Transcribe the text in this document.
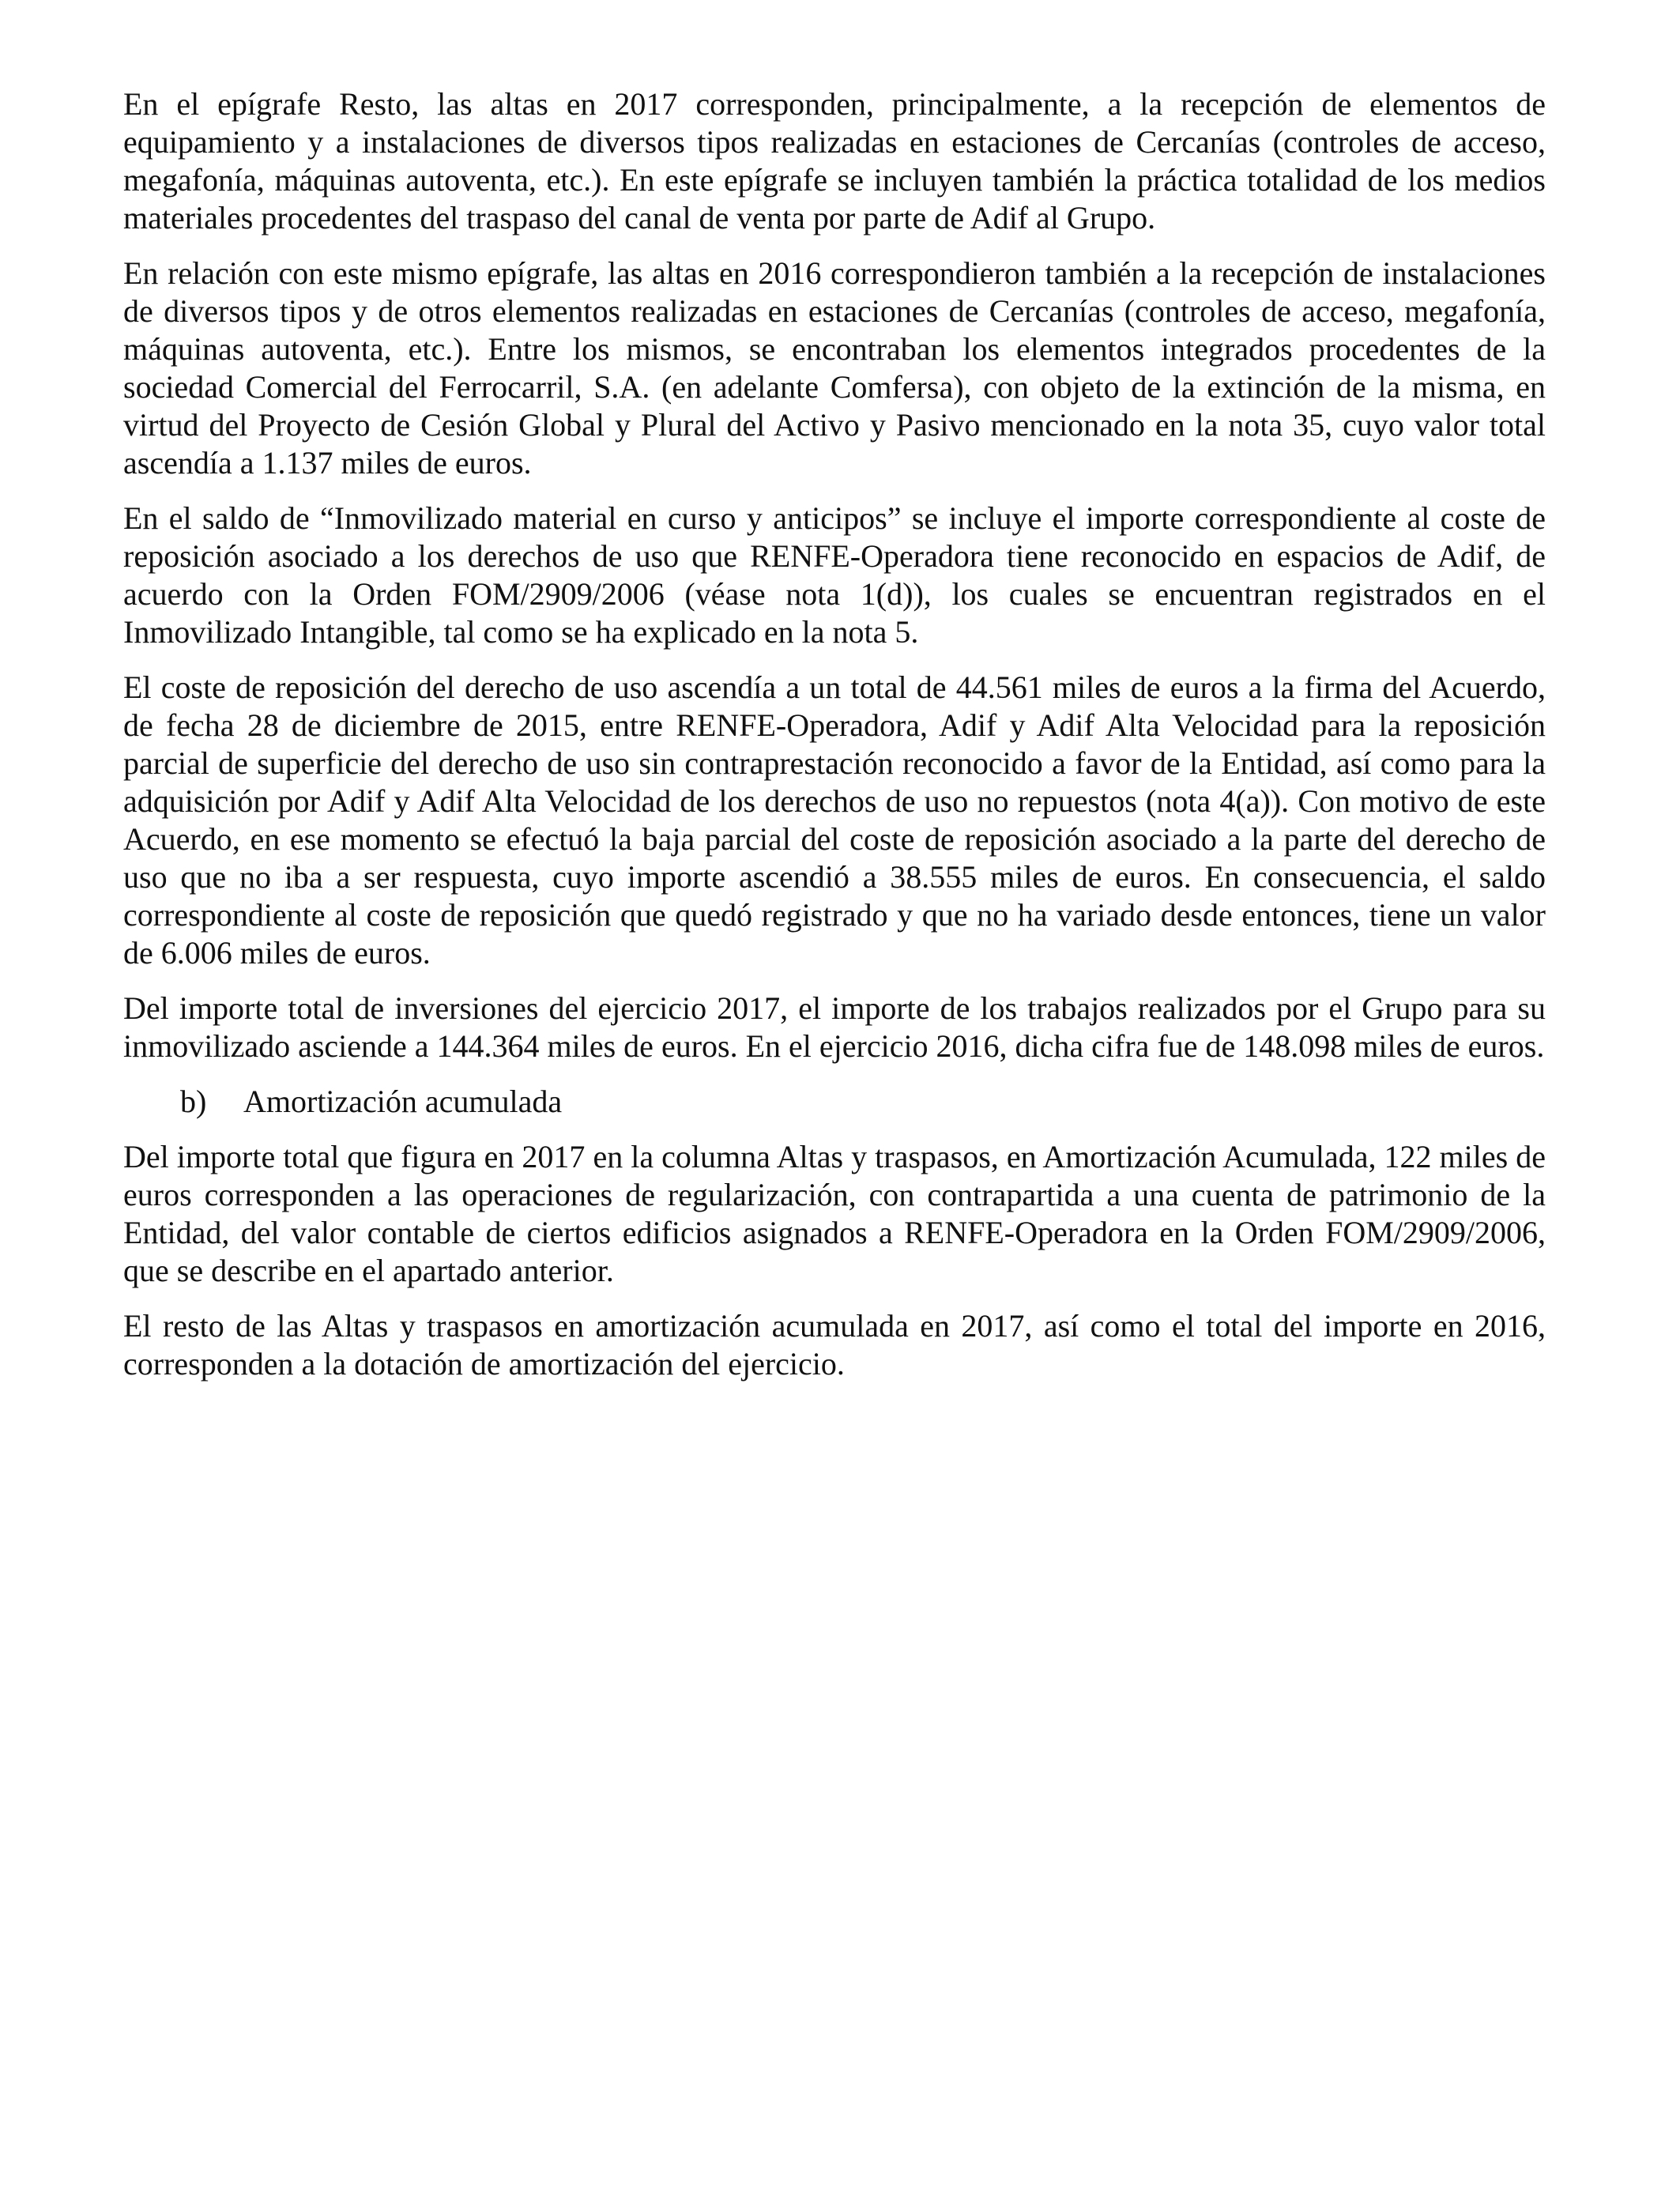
En el epígrafe Resto, las altas en 2017 corresponden, principalmente, a la recepción de elementos de equipamiento y a instalaciones de diversos tipos realizadas en estaciones de Cercanías (controles de acceso, megafonía, máquinas autoventa, etc.). En este epígrafe se incluyen también la práctica totalidad de los medios materiales procedentes del traspaso del canal de venta por parte de Adif al Grupo.

En relación con este mismo epígrafe, las altas en 2016 correspondieron también a la recepción de instalaciones de diversos tipos y de otros elementos realizadas en estaciones de Cercanías (controles de acceso, megafonía, máquinas autoventa, etc.). Entre los mismos, se encontraban los elementos integrados procedentes de la sociedad Comercial del Ferrocarril, S.A. (en adelante Comfersa), con objeto de la extinción de la misma, en virtud del Proyecto de Cesión Global y Plural del Activo y Pasivo mencionado en la nota 35, cuyo valor total ascendía a 1.137 miles de euros.

En el saldo de “Inmovilizado material en curso y anticipos” se incluye el importe correspondiente al coste de reposición asociado a los derechos de uso que RENFE-Operadora tiene reconocido en espacios de Adif, de acuerdo con la Orden FOM/2909/2006 (véase nota 1(d)), los cuales se encuentran registrados en el Inmovilizado Intangible, tal como se ha explicado en la nota 5.

El coste de reposición del derecho de uso ascendía a un total de 44.561 miles de euros a la firma del Acuerdo, de fecha 28 de diciembre de 2015, entre RENFE-Operadora, Adif y Adif Alta Velocidad para la reposición parcial de superficie del derecho de uso sin contraprestación reconocido a favor de la Entidad, así como para la adquisición por Adif y Adif Alta Velocidad de los derechos de uso no repuestos (nota 4(a)). Con motivo de este Acuerdo, en ese momento se efectuó la baja parcial del coste de reposición asociado a la parte del derecho de uso que no iba a ser respuesta, cuyo importe ascendió a 38.555 miles de euros. En consecuencia, el saldo correspondiente al coste de reposición que quedó registrado y que no ha variado desde entonces, tiene un valor de 6.006 miles de euros.

Del importe total de inversiones del ejercicio 2017, el importe de los trabajos realizados por el Grupo para su inmovilizado asciende a 144.364 miles de euros. En el ejercicio 2016, dicha cifra fue de 148.098 miles de euros.

b)	Amortización acumulada

Del importe total que figura en 2017 en la columna Altas y traspasos, en Amortización Acumulada, 122 miles de euros corresponden a las operaciones de regularización, con contrapartida a una cuenta de patrimonio de la Entidad, del valor contable de ciertos edificios asignados a RENFE-Operadora en la Orden FOM/2909/2006, que se describe en el apartado anterior.

El resto de las Altas y traspasos en amortización acumulada en 2017, así como el total del importe en 2016, corresponden a la dotación de amortización del ejercicio.
